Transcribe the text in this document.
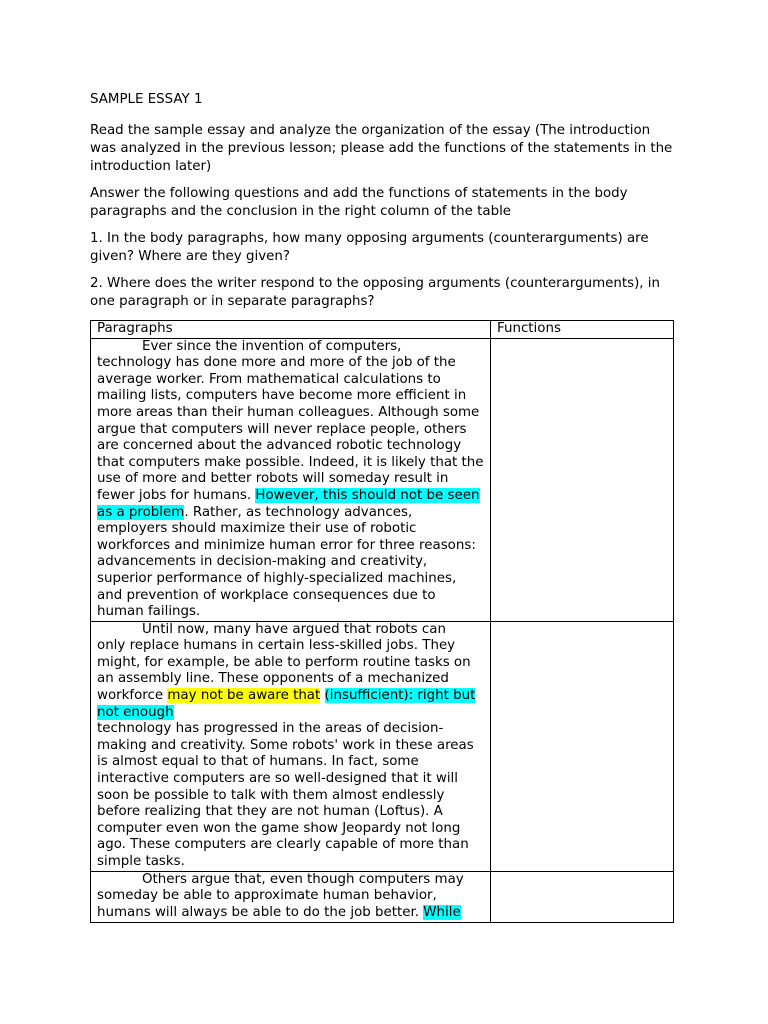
SAMPLE ESSAY 1

Read the sample essay and analyze the organization of the essay (The introduction was analyzed in the previous lesson; please add the functions of the statements in the introduction later)

Answer the following questions and add the functions of statements in the body paragraphs and the conclusion in the right column of the table

1. In the body paragraphs, how many opposing arguments (counterarguments) are given? Where are they given?

2. Where does the writer respond to the opposing arguments (counterarguments), in one paragraph or in separate paragraphs?

Paragraphs	Functions

Ever since the invention of computers,
technology has done more and more of the job of the average worker. From mathematical calculations to mailing lists, computers have become more efficient in more areas than their human colleagues. Although some argue that computers will never replace people, others are concerned about the advanced robotic technology that computers make possible. Indeed, it is likely that the use of more and better robots will someday result in fewer jobs for humans. However, this should not be seen as a problem. Rather, as technology advances, employers should maximize their use of robotic workforces and minimize human error for three reasons: advancements in decision-making and creativity, superior performance of highly-specialized machines, and prevention of workplace consequences due to human failings.	

Until now, many have argued that robots can
only replace humans in certain less-skilled jobs. They might, for example, be able to perform routine tasks on an assembly line. These opponents of a mechanized workforce may not be aware that (insufficient): right but not enough
technology has progressed in the areas of decision-making and creativity. Some robots' work in these areas is almost equal to that of humans. In fact, some interactive computers are so well-designed that it will soon be possible to talk with them almost endlessly before realizing that they are not human (Loftus). A computer even won the game show Jeopardy not long ago. These computers are clearly capable of more than simple tasks.	

Others argue that, even though computers may
someday be able to approximate human behavior, humans will always be able to do the job better. While	
